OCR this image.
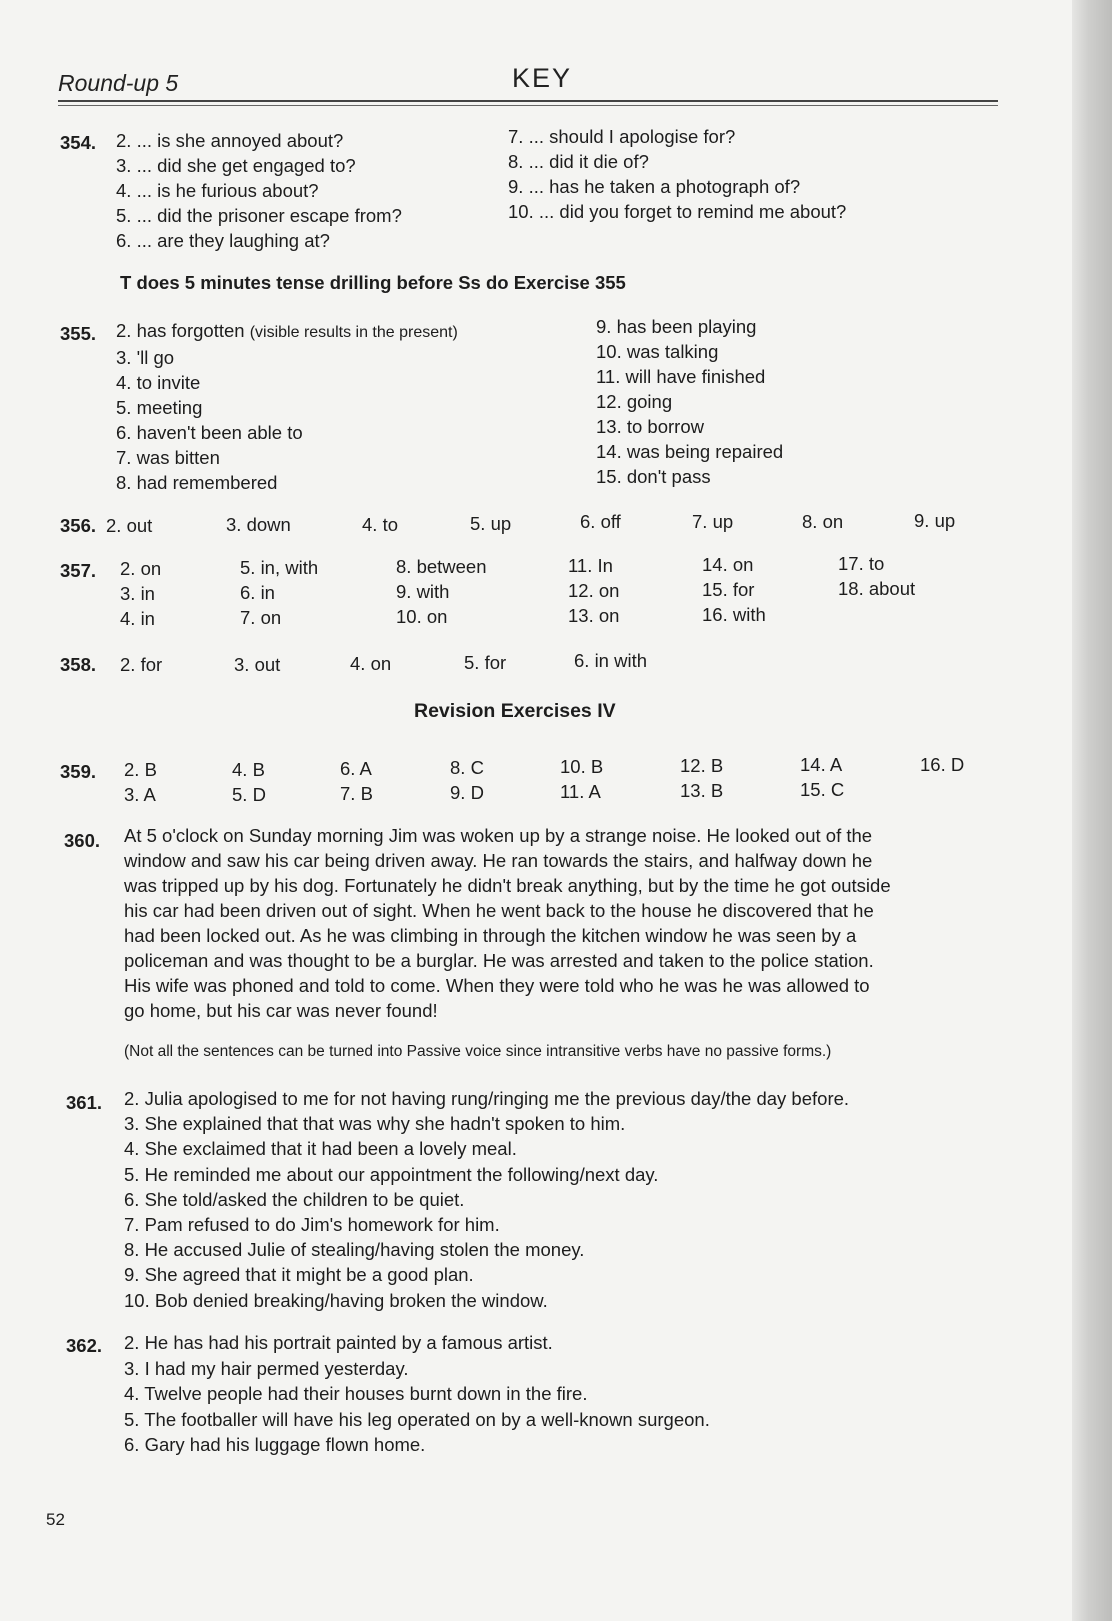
Round-up 5	KEY
354. 2. ... is she annoyed about?
3. ... did she get engaged to?
4. ... is he furious about?
5. ... did the prisoner escape from?
6. ... are they laughing at?
7. ... should I apologise for?
8. ... did it die of?
9. ... has he taken a photograph of?
10. ... did you forget to remind me about?
T does 5 minutes tense drilling before Ss do Exercise 355
355. 2. has forgotten (visible results in the present)
3. 'll go
4. to invite
5. meeting
6. haven't been able to
7. was bitten
8. had remembered
9. has been playing
10. was talking
11. will have finished
12. going
13. to borrow
14. was being repaired
15. don't pass
356. 2. out	3. down	4. to	5. up	6. off	7. up	8. on	9. up
357. 2. on
3. in
4. in
5. in, with
6. in
7. on
8. between
9. with
10. on
11. In
12. on
13. on
14. on
15. for
16. with
17. to
18. about
358. 2. for	3. out	4. on	5. for	6. in with
Revision Exercises IV
359. 2. B
3. A
4. B
5. D
6. A
7. B
8. C
9. D
10. B
11. A
12. B
13. B
14. A
15. C
16. D
360. At 5 o'clock on Sunday morning Jim was woken up by a strange noise. He looked out of the
window and saw his car being driven away. He ran towards the stairs, and halfway down he
was tripped up by his dog. Fortunately he didn't break anything, but by the time he got outside
his car had been driven out of sight. When he went back to the house he discovered that he
had been locked out. As he was climbing in through the kitchen window he was seen by a
policeman and was thought to be a burglar. He was arrested and taken to the police station.
His wife was phoned and told to come. When they were told who he was he was allowed to
go home, but his car was never found!
(Not all the sentences can be turned into Passive voice since intransitive verbs have no passive forms.)
361. 2. Julia apologised to me for not having rung/ringing me the previous day/the day before.
3. She explained that that was why she hadn't spoken to him.
4. She exclaimed that it had been a lovely meal.
5. He reminded me about our appointment the following/next day.
6. She told/asked the children to be quiet.
7. Pam refused to do Jim's homework for him.
8. He accused Julie of stealing/having stolen the money.
9. She agreed that it might be a good plan.
10. Bob denied breaking/having broken the window.
362. 2. He has had his portrait painted by a famous artist.
3. I had my hair permed yesterday.
4. Twelve people had their houses burnt down in the fire.
5. The footballer will have his leg operated on by a well-known surgeon.
6. Gary had his luggage flown home.
52
